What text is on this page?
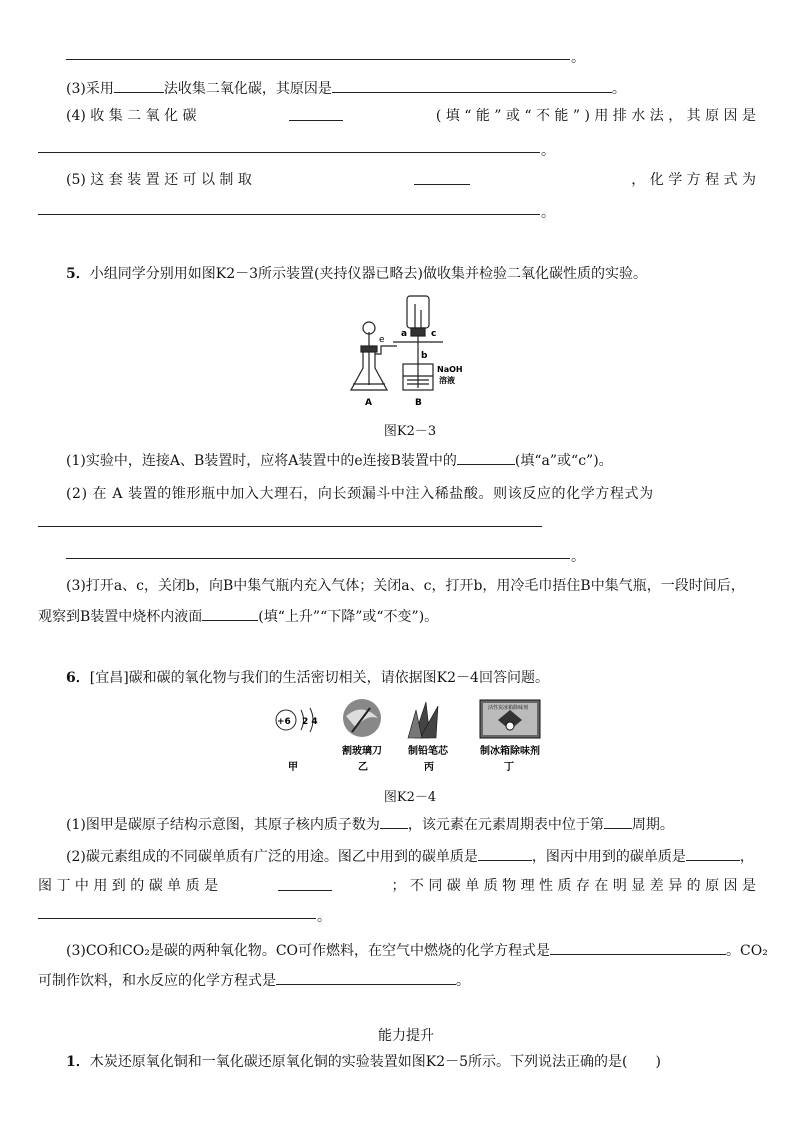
。
(3)采用	法收集二氧化碳，其原因是	。
(4) 收 集 二 氧 化 碳	( 填 “ 能 ” 或 “ 不 能 ” ) 用 排 水 法 ， 其 原 因 是
。
(5) 这 套 装 置 还 可 以 制 取	， 化 学 方 程 式 为
。
5．小组同学分别用如图K2－3所示装置(夹持仪器已略去)做收集并检验二氧化碳性质的实验。
e
A
a	c
b
NaOH
溶液
B
图K2－3
(1)实验中，连接A、B装置时，应将A装置中的e连接B装置中的	(填“a”或“c”)。
(2) 在 A 装置的锥形瓶中加入大理石，向长颈漏斗中注入稀盐酸。则该反应的化学方程式为
。
(3)打开a、c，关闭b，向B中集气瓶内充入气体；关闭a、c，打开b，用冷毛巾捂住B中集气瓶，一段时间后，
观察到B装置中烧杯内液面	(填“上升”“下降”或“不变”)。
6．[宜昌]碳和碳的氧化物与我们的生活密切相关，请依据图K2－4回答问题。
+6 2 4
活性炭冰箱除味剂
割玻璃刀	制铅笔芯	制冰箱除味剂
甲	乙	丙	丁
图K2－4
(1)图甲是碳原子结构示意图，其原子核内质子数为 ，该元素在元素周期表中位于第 周期。
(2)碳元素组成的不同碳单质有广泛的用途。图乙中用到的碳单质是	，图丙中用到的碳单质是	，
图 丁 中 用 到 的 碳 单 质 是	； 不 同 碳 单 质 物 理 性 质 存 在 明 显 差 异 的 原 因 是
。
(3)CO和CO₂是碳的两种氧化物。CO可作燃料，在空气中燃烧的化学方程式是	。CO₂
可制作饮料，和水反应的化学方程式是	。
能力提升
1．木炭还原氧化铜和一氧化碳还原氧化铜的实验装置如图K2－5所示。下列说法正确的是(　　)
